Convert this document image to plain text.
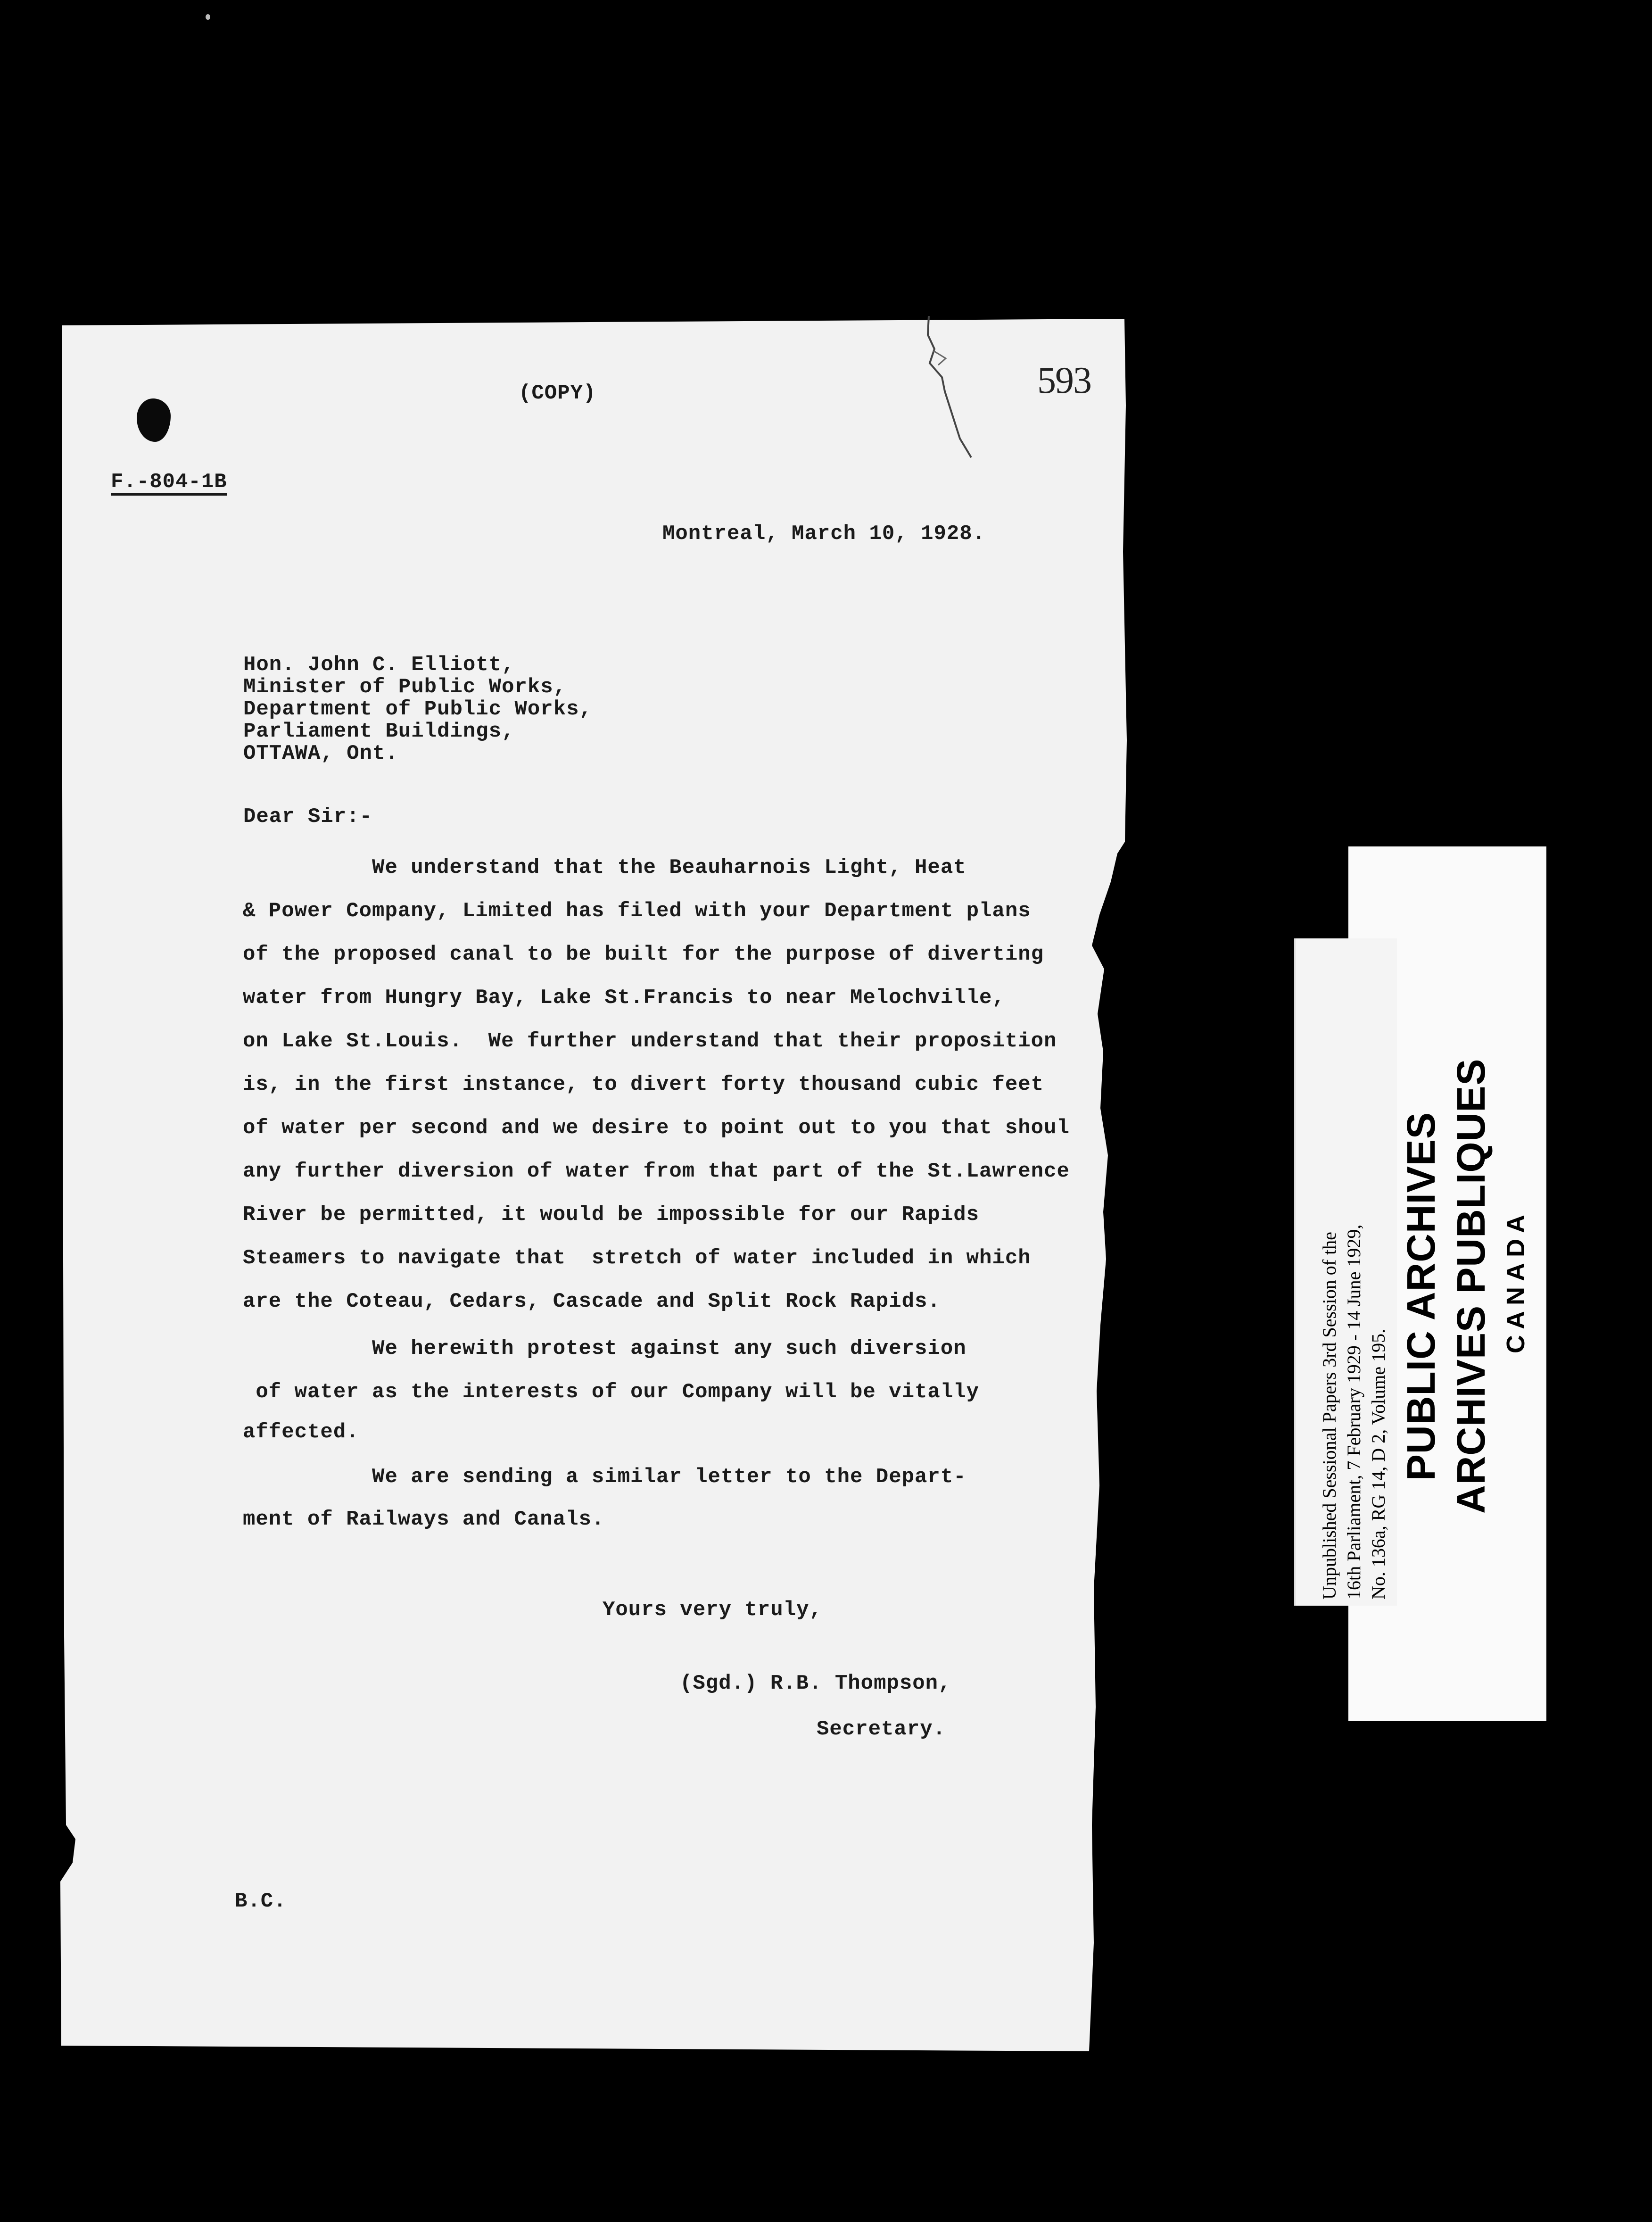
593
(COPY)
F.-804-1B
Montreal, March 10, 1928.
Hon. John C. Elliott,
Minister of Public Works,
Department of Public Works,
Parliament Buildings,
OTTAWA, Ont.
Dear Sir:-
We understand that the Beauharnois Light, Heat
& Power Company, Limited has filed with your Department plans
of the proposed canal to be built for the purpose of diverting
water from Hungry Bay, Lake St.Francis to near Melochville,
on Lake St.Louis.  We further understand that their proposition
is, in the first instance, to divert forty thousand cubic feet
of water per second and we desire to point out to you that shoul
any further diversion of water from that part of the St.Lawrence
River be permitted, it would be impossible for our Rapids
Steamers to navigate that  stretch of water included in which
are the Coteau, Cedars, Cascade and Split Rock Rapids.
We herewith protest against any such diversion
of water as the interests of our Company will be vitally
affected.
We are sending a similar letter to the Depart-
ment of Railways and Canals.
Yours very truly,
(Sgd.) R.B. Thompson,
Secretary.
B.C.
Unpublished Sessional Papers 3rd Session of the 16th Parliament, 7 February 1929 - 14 June 1929, No. 136a, RG 14, D 2, Volume 195. PUBLIC ARCHIVES ARCHIVES PUBLIQUES CANADA
